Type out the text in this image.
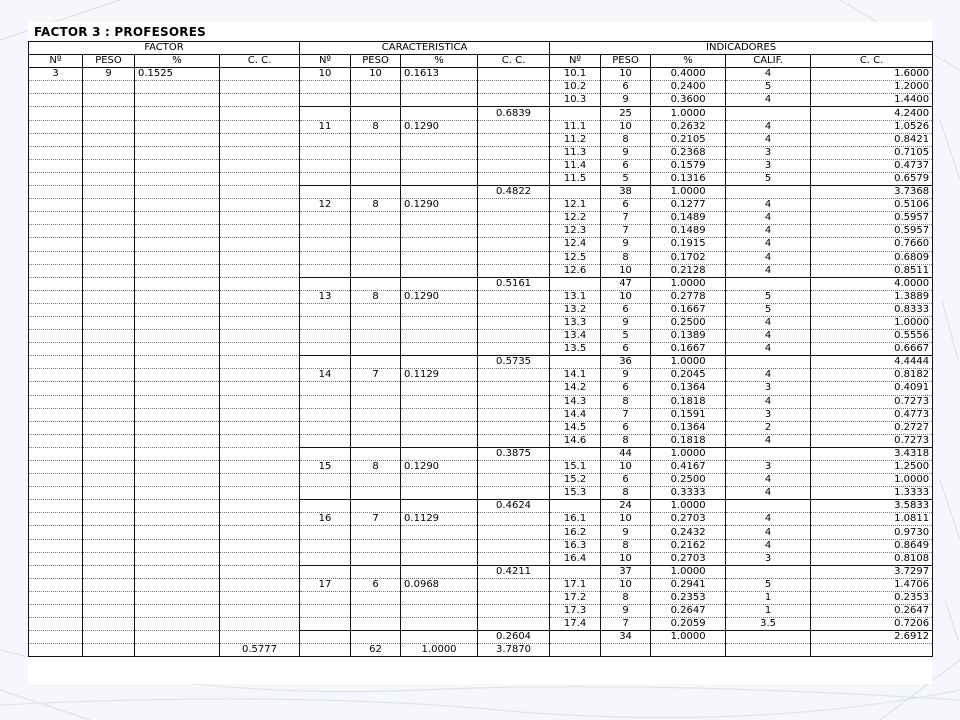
FACTOR 3 : PROFESORES
FACTOR				CARACTERISTICA				INDICADORES				
Nº	PESO	%	C. C.	Nº	PESO	%	C. C.	Nº	PESO	%	CALIF.	C. C.
3	9	0.1525		10	10	0.1613		10.1	10	0.4000	4	1.6000
								10.2	6	0.2400	5	1.2000
								10.3	9	0.3600	4	1.4400
							0.6839		25	1.0000		4.2400
				11	8	0.1290		11.1	10	0.2632	4	1.0526
								11.2	8	0.2105	4	0.8421
								11.3	9	0.2368	3	0.7105
								11.4	6	0.1579	3	0.4737
								11.5	5	0.1316	5	0.6579
							0.4822		38	1.0000		3.7368
				12	8	0.1290		12.1	6	0.1277	4	0.5106
								12.2	7	0.1489	4	0.5957
								12.3	7	0.1489	4	0.5957
								12.4	9	0.1915	4	0.7660
								12.5	8	0.1702	4	0.6809
								12.6	10	0.2128	4	0.8511
							0.5161		47	1.0000		4.0000
				13	8	0.1290		13.1	10	0.2778	5	1.3889
								13.2	6	0.1667	5	0.8333
								13.3	9	0.2500	4	1.0000
								13.4	5	0.1389	4	0.5556
								13.5	6	0.1667	4	0.6667
							0.5735		36	1.0000		4.4444
				14	7	0.1129		14.1	9	0.2045	4	0.8182
								14.2	6	0.1364	3	0.4091
								14.3	8	0.1818	4	0.7273
								14.4	7	0.1591	3	0.4773
								14.5	6	0.1364	2	0.2727
								14.6	8	0.1818	4	0.7273
							0.3875		44	1.0000		3.4318
				15	8	0.1290		15.1	10	0.4167	3	1.2500
								15.2	6	0.2500	4	1.0000
								15.3	8	0.3333	4	1.3333
							0.4624		24	1.0000		3.5833
				16	7	0.1129		16.1	10	0.2703	4	1.0811
								16.2	9	0.2432	4	0.9730
								16.3	8	0.2162	4	0.8649
								16.4	10	0.2703	3	0.8108
							0.4211		37	1.0000		3.7297
				17	6	0.0968		17.1	10	0.2941	5	1.4706
								17.2	8	0.2353	1	0.2353
								17.3	9	0.2647	1	0.2647
								17.4	7	0.2059	3.5	0.7206
							0.2604		34	1.0000		2.6912
			0.5777		62	1.0000	3.7870					
